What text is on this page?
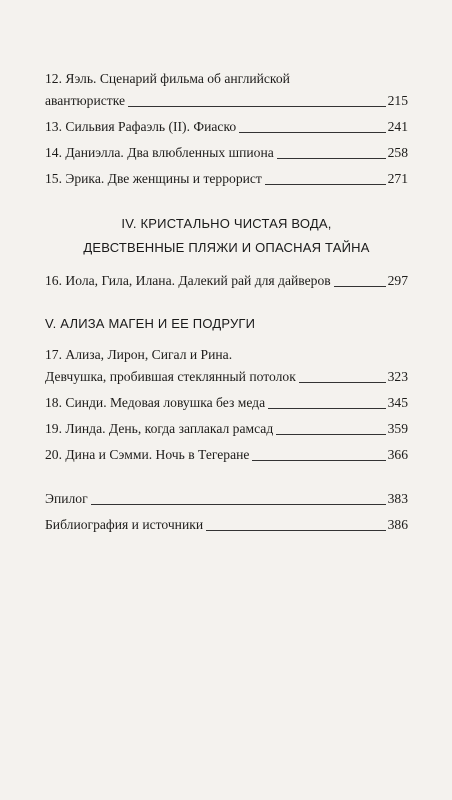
12. Яэль. Сценарий фильма об английской
авантюристке	215
13. Сильвия Рафаэль (II). Фиаско	241
14. Даниэлла. Два влюбленных шпиона	258
15. Эрика. Две женщины и террорист	271
IV. КРИСТАЛЬНО ЧИСТАЯ ВОДА,
ДЕВСТВЕННЫЕ ПЛЯЖИ И ОПАСНАЯ ТАЙНА
16. Иола, Гила, Илана. Далекий рай для дайверов	297
V. АЛИЗА МАГЕН И ЕЕ ПОДРУГИ
17. Ализа, Лирон, Сигал и Рина.
Девчушка, пробившая стеклянный потолок	323
18. Синди. Медовая ловушка без меда	345
19. Линда. День, когда заплакал рамсад	359
20. Дина и Сэмми. Ночь в Тегеране	366
Эпилог	383
Библиография и источники	386
